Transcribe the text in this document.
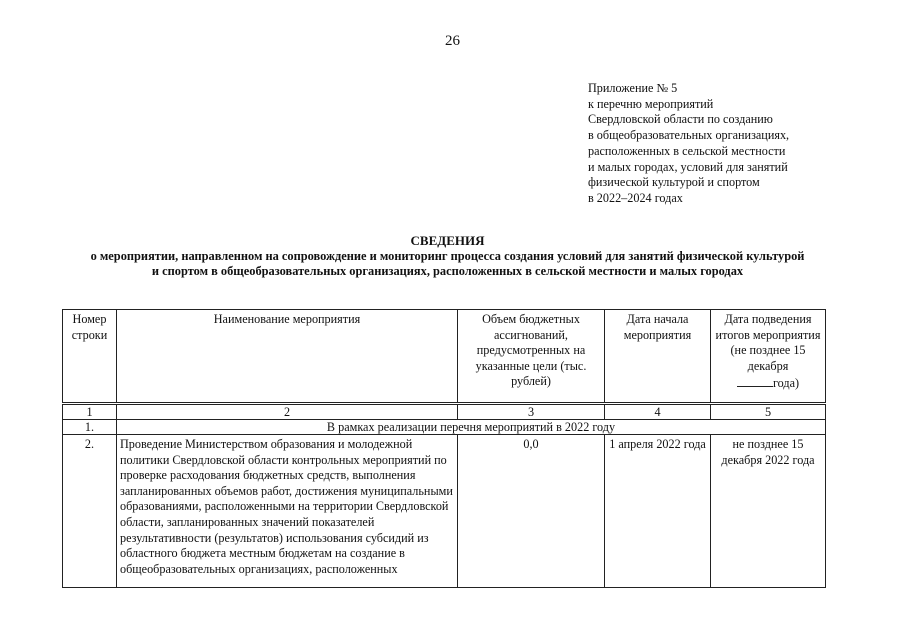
26
Приложение № 5
к перечню мероприятий
Свердловской области по созданию
в общеобразовательных организациях,
расположенных в сельской местности
и малых городах, условий для занятий
физической культурой и спортом
в 2022–2024 годах
СВЕДЕНИЯ
о мероприятии, направленном на сопровождение и мониторинг процесса создания условий для занятий физической культурой
и спортом в общеобразовательных организациях, расположенных в сельской местности и малых городах
Номер строки	Наименование мероприятия	Объем бюджетных ассигнований, предусмотренных на указанные цели (тыс. рублей)	Дата начала мероприятия	Дата подведения итогов мероприятия (не позднее 15 декабря
года)
1	2	3	4	5
1.	В рамках реализации перечня мероприятий в 2022 году			
2.	Проведение Министерством образования и молодежной политики Свердловской области контрольных мероприятий по проверке расходования бюджетных средств, выполнения запланированных объемов работ, достижения муниципальными образованиями, расположенными на территории Свердловской области, запланированных значений показателей результативности (результатов) использования субсидий из областного бюджета местным бюджетам на создание в общеобразовательных организациях, расположенных	0,0	1 апреля 2022 года	не позднее 15 декабря 2022 года
